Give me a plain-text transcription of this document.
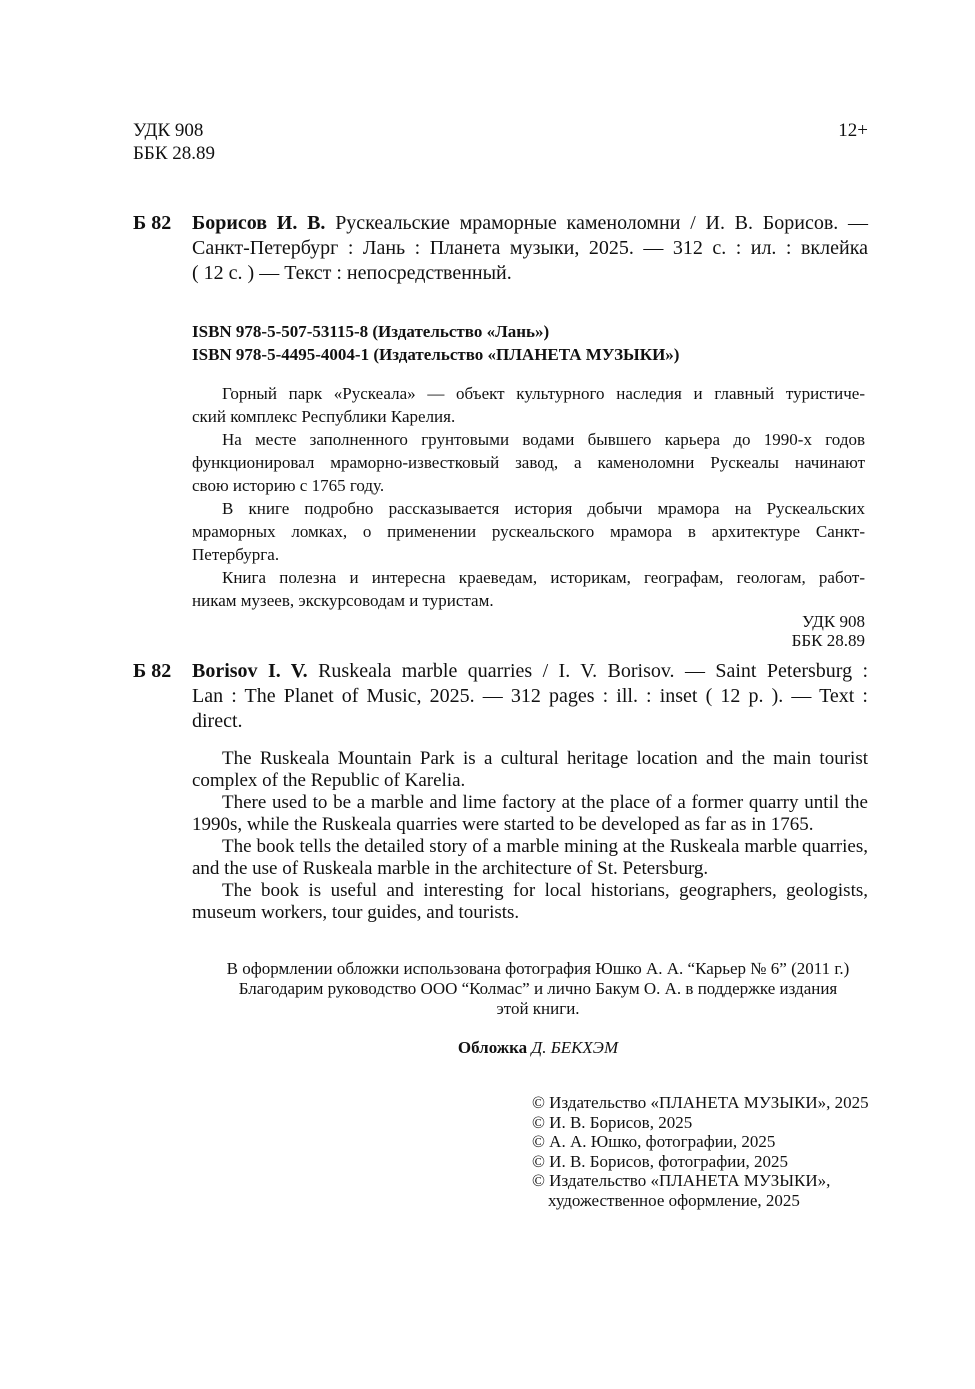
УДК 908
ББК 28.89
12+
Б 82 Борисов И. В. Рускеальские мраморные каменоломни / И. В. Борисов. —
Санкт-Петербург : Лань : Планета музыки, 2025. — 312 с. : ил. : вклейка
( 12 с. ) — Текст : непосредственный.
ISBN 978-5-507-53115-8 (Издательство «Лань»)
ISBN 978-5-4495-4004-1 (Издательство «ПЛАНЕТА МУЗЫКИ»)
Горный парк «Рускеала» — объект культурного наследия и главный туристиче-
ский комплекс Республики Карелия.
На месте заполненного грунтовыми водами бывшего карьера до 1990-х годов
функционировал мраморно-известковый завод, а каменоломни Рускеалы начинают
свою историю с 1765 году.
В книге подробно рассказывается история добычи мрамора на Рускеальских
мраморных ломках, о применении рускеальского мрамора в архитектуре Санкт-
Петербурга.
Книга полезна и интересна краеведам, историкам, географам, геологам, работ-
никам музеев, экскурсоводам и туристам.
УДК 908
ББК 28.89
Б 82 Borisov I. V. Ruskeala marble quarries / I. V. Borisov. — Saint Petersburg :
Lan : The Planet of Music, 2025. — 312 pages : ill. : inset ( 12 p. ). — Text :
direct.
The Ruskeala Mountain Park is a cultural heritage location and the main tourist
complex of the Republic of Karelia.
There used to be a marble and lime factory at the place of a former quarry until the
1990s, while the Ruskeala quarries were started to be developed as far as in 1765.
The book tells the detailed story of a marble mining at the Ruskeala marble quarries,
and the use of Ruskeala marble in the architecture of St. Petersburg.
The book is useful and interesting for local historians, geographers, geologists,
museum workers, tour guides, and tourists.
В оформлении обложки использована фотография Юшко А. А. “Карьер № 6” (2011 г.)
Благодарим руководство ООО “Колмас” и лично Бакум О. А. в поддержке издания
этой книги.
Обложка Д. БЕКХЭМ
© Издательство «ПЛАНЕТА МУЗЫКИ», 2025
© И. В. Борисов, 2025
© А. А. Юшко, фотографии, 2025
© И. В. Борисов, фотографии, 2025
© Издательство «ПЛАНЕТА МУЗЫКИ»,
художественное оформление, 2025
